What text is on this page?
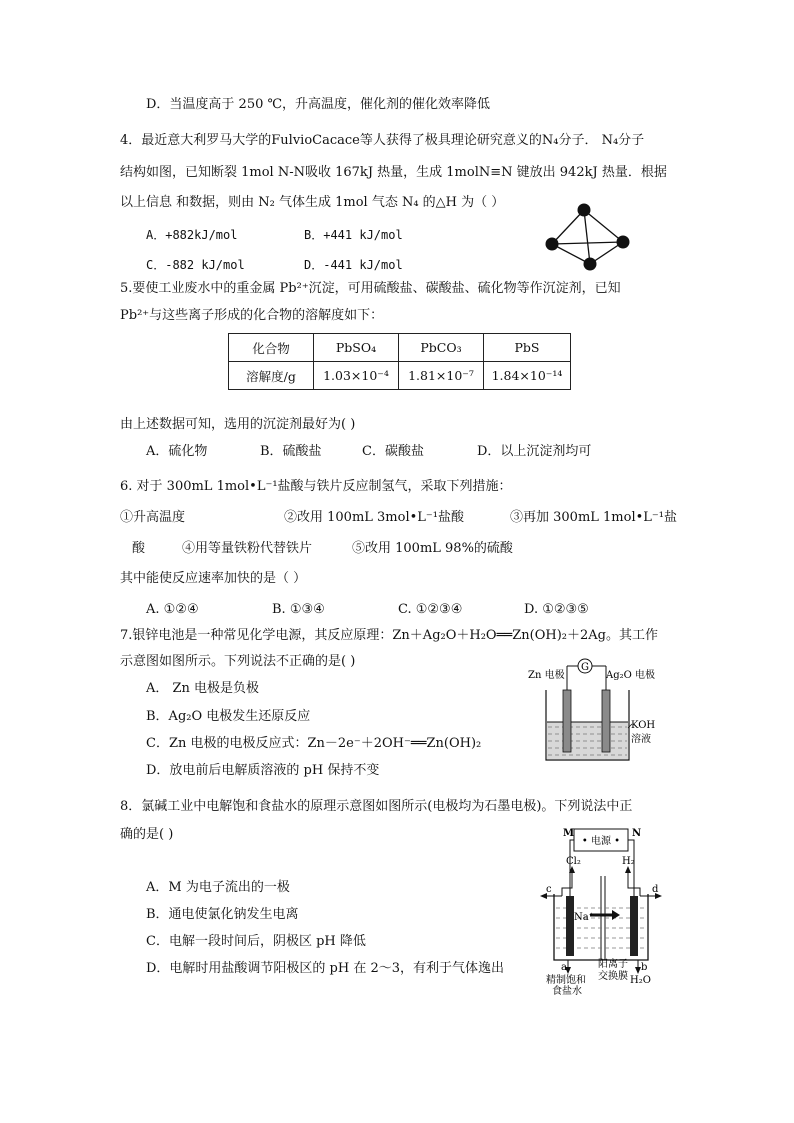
D．当温度高于 250 ℃，升高温度，催化剂的催化效率降低
4．最近意大利罗马大学的FulvioCacace等人获得了极具理论研究意义的N₄分子． N₄分子
结构如图，已知断裂 1mol N-N吸收 167kJ 热量，生成 1molN≡N 键放出 942kJ 热量．根据
以上信息 和数据，则由 N₂ 气体生成 1mol 气态 N₄ 的△H 为（ ）
A．+882kJ/mol	B．+441 kJ/mol
C．-882 kJ/mol	D．-441 kJ/mol
5.要使工业废水中的重金属 Pb²⁺沉淀，可用硫酸盐、碳酸盐、硫化物等作沉淀剂，已知
Pb²⁺与这些离子形成的化合物的溶解度如下：
化合物	PbSO₄	PbCO₃	PbS
溶解度/g	1.03×10⁻⁴	1.81×10⁻⁷	1.84×10⁻¹⁴
由上述数据可知，选用的沉淀剂最好为( )
A．硫化物	B．硫酸盐	C．碳酸盐	D．以上沉淀剂均可
6. 对于 300mL 1mol•L⁻¹盐酸与铁片反应制氢气，采取下列措施：
①升高温度	②改用 100mL 3mol•L⁻¹盐酸	③再加 300mL 1mol•L⁻¹盐
酸	④用等量铁粉代替铁片	⑤改用 100mL 98%的硫酸
其中能使反应速率加快的是（ ）
A. ①②④	B. ①③④	C. ①②③④	D. ①②③⑤
7.银锌电池是一种常见化学电源，其反应原理：Zn＋Ag₂O＋H₂O══Zn(OH)₂＋2Ag。其工作
示意图如图所示。下列说法不正确的是( )
A． Zn 电极是负极
B．Ag₂O 电极发生还原反应
C．Zn 电极的电极反应式：Zn－2e⁻＋2OH⁻══Zn(OH)₂
D．放电前后电解质溶液的 pH 保持不变
G
Zn 电极	Ag₂O 电极
KOH
溶液
8．氯碱工业中电解饱和食盐水的原理示意图如图所示(电极均为石墨电极)。下列说法中正
确的是( )
A．M 为电子流出的一极
B．通电使氯化钠发生电离
C．电解一段时间后，阴极区 pH 降低
D．电解时用盐酸调节阳极区的 pH 在 2～3，有利于气体逸出
M	N
• 电源 •
Cl₂	H₂
c	d
Na⁺
a	b
阳离子
交换膜
精制饱和
食盐水
H₂O
